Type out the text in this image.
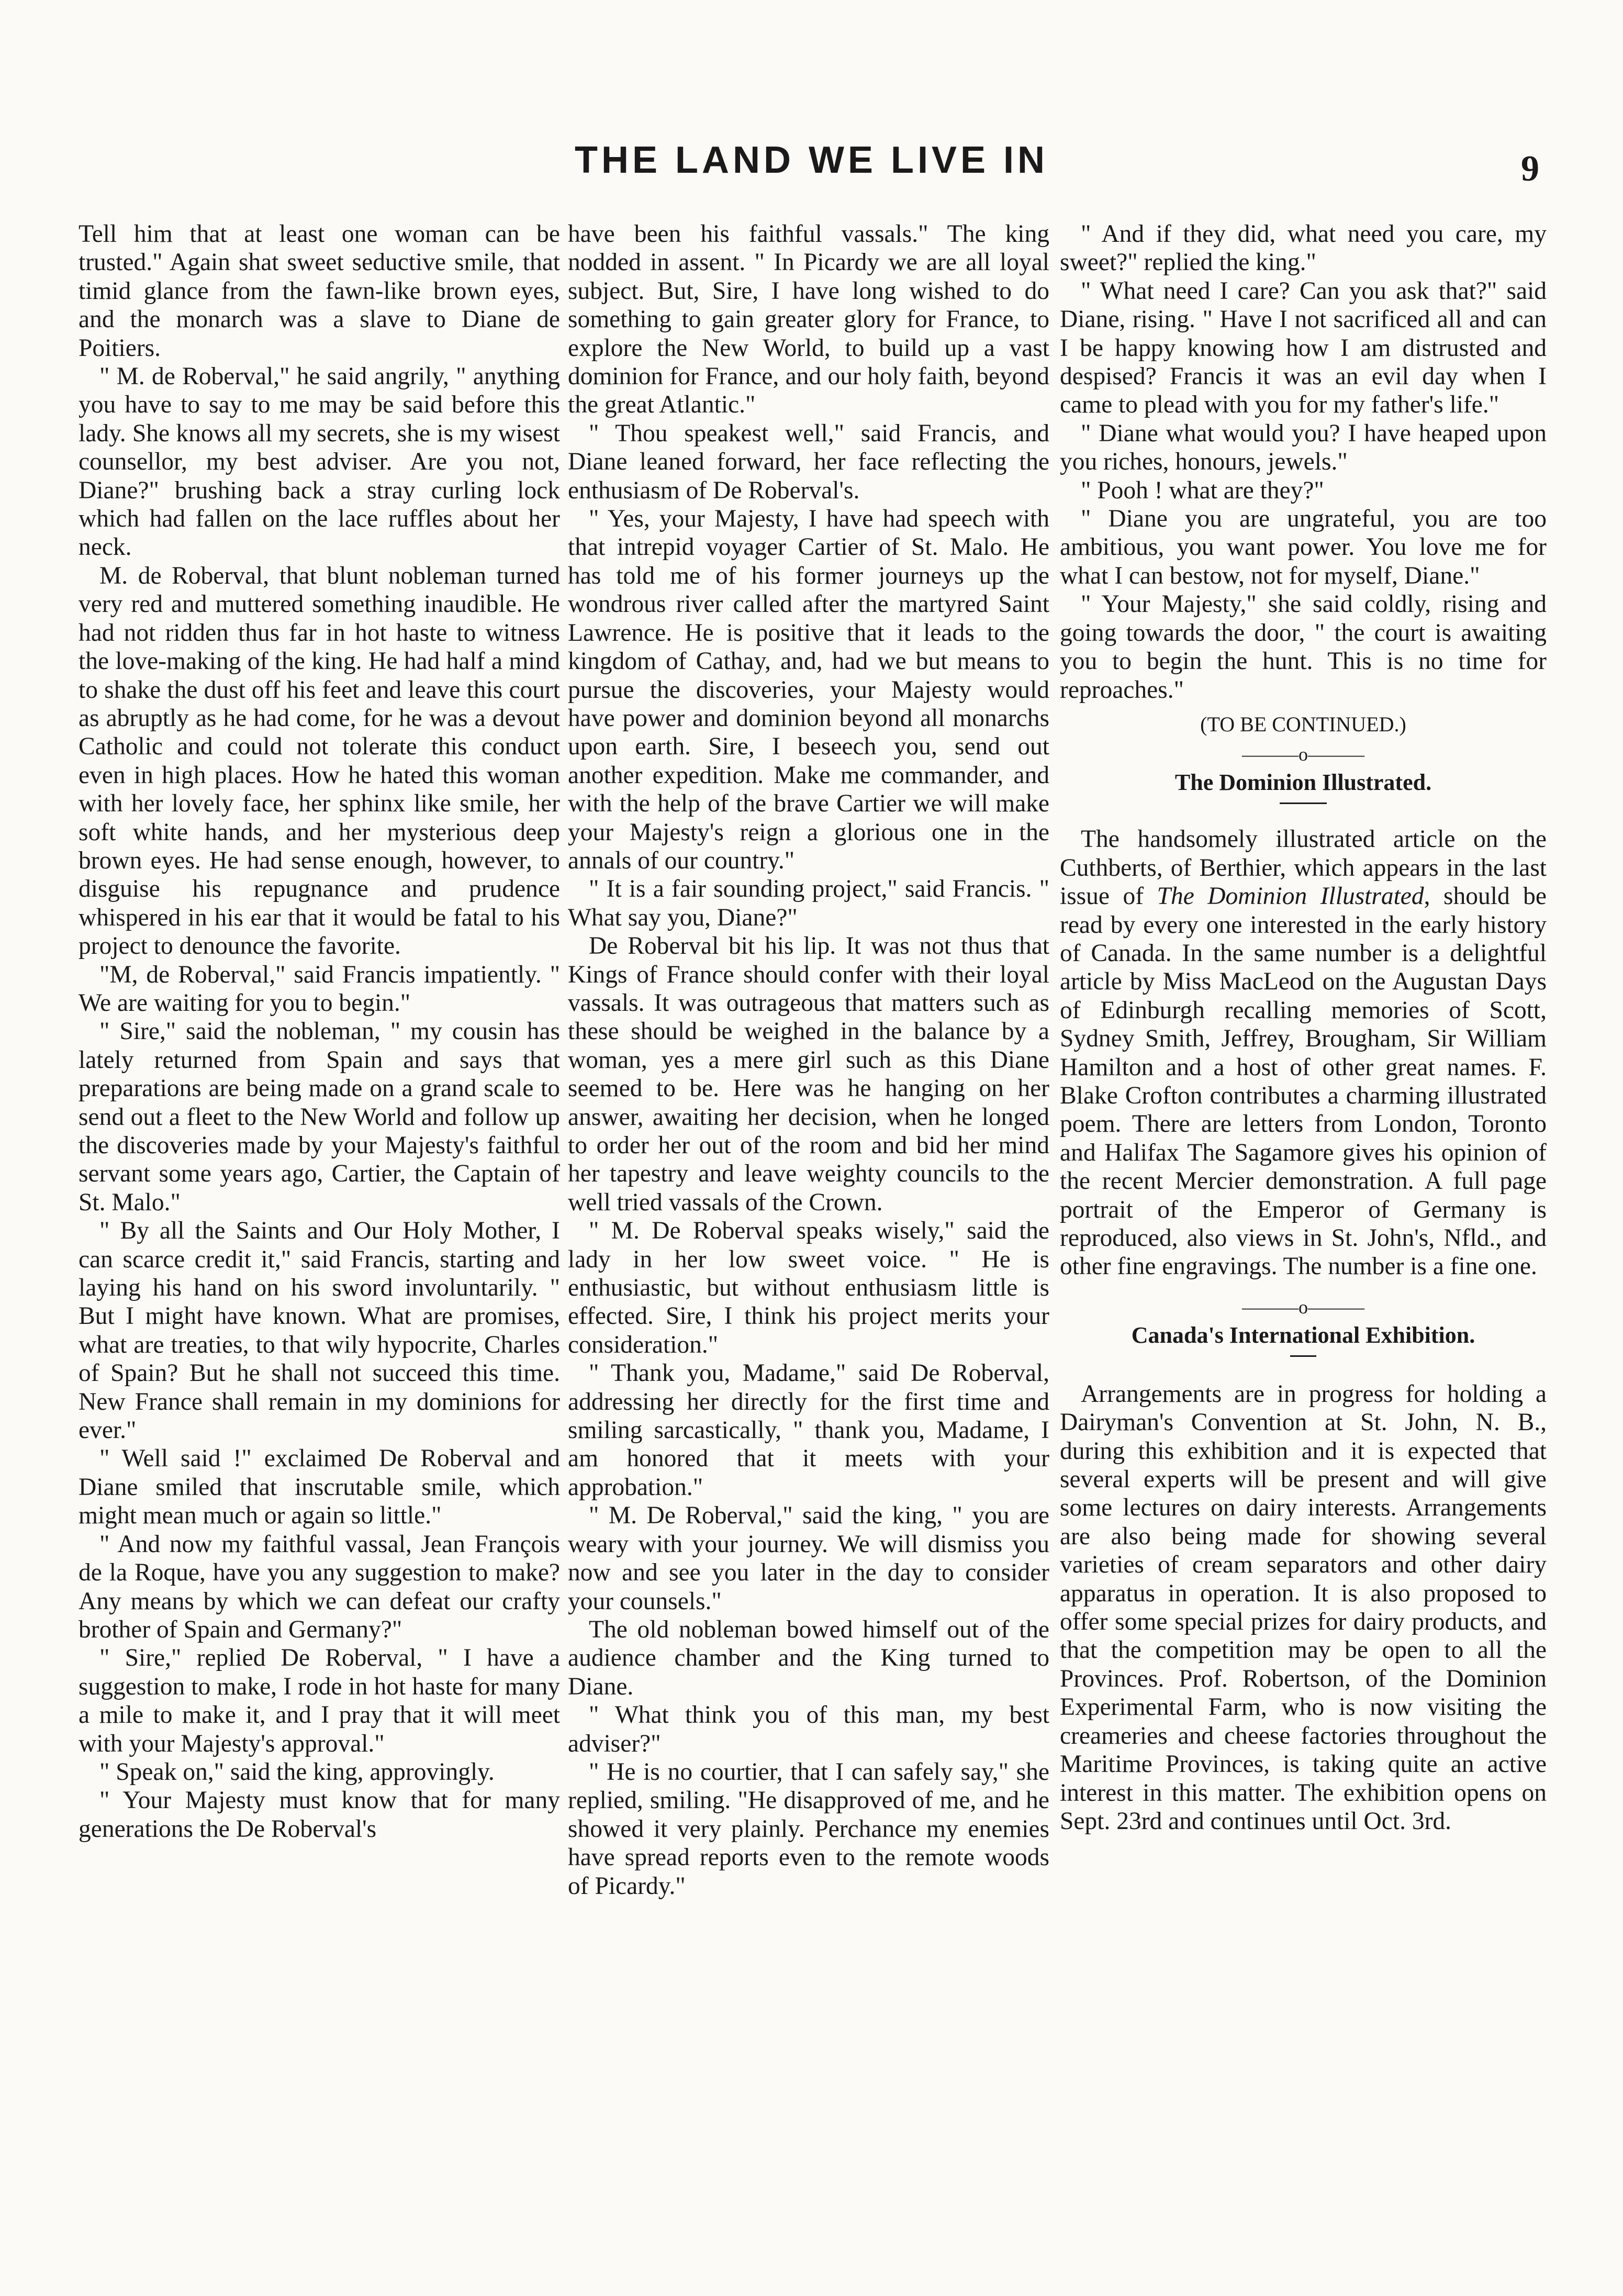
THE LAND WE LIVE IN	9

Tell him that at least one woman can be trusted." Again shat sweet seductive smile, that timid glance from the fawn-like brown eyes, and the monarch was a slave to Diane de Poitiers.

" M. de Roberval," he said angrily, " anything you have to say to me may be said before this lady. She knows all my secrets, she is my wisest counsellor, my best adviser. Are you not, Diane?" brushing back a stray curling lock which had fallen on the lace ruffles about her neck.

M. de Roberval, that blunt nobleman turned very red and muttered something inaudible. He had not ridden thus far in hot haste to witness the love-making of the king. He had half a mind to shake the dust off his feet and leave this court as abruptly as he had come, for he was a devout Catholic and could not tolerate this conduct even in high places. How he hated this woman with her lovely face, her sphinx like smile, her soft white hands, and her mysterious deep brown eyes. He had sense enough, however, to disguise his repugnance and prudence whispered in his ear that it would be fatal to his project to denounce the favorite.

"M, de Roberval," said Francis impatiently. " We are waiting for you to begin."

" Sire," said the nobleman, " my cousin has lately returned from Spain and says that preparations are being made on a grand scale to send out a fleet to the New World and follow up the discoveries made by your Majesty's faithful servant some years ago, Cartier, the Captain of St. Malo."

" By all the Saints and Our Holy Mother, I can scarce credit it," said Francis, starting and laying his hand on his sword involuntarily. " But I might have known. What are promises, what are treaties, to that wily hypocrite, Charles of Spain? But he shall not succeed this time. New France shall remain in my dominions for ever."

" Well said !" exclaimed De Roberval and Diane smiled that inscrutable smile, which might mean much or again so little."

" And now my faithful vassal, Jean François de la Roque, have you any suggestion to make? Any means by which we can defeat our crafty brother of Spain and Germany?"

" Sire," replied De Roberval, " I have a suggestion to make, I rode in hot haste for many a mile to make it, and I pray that it will meet with your Majesty's approval."

" Speak on," said the king, approvingly.

" Your Majesty must know that for many generations the De Roberval's

have been his faithful vassals." The king nodded in assent. " In Picardy we are all loyal subject. But, Sire, I have long wished to do something to gain greater glory for France, to explore the New World, to build up a vast dominion for France, and our holy faith, beyond the great Atlantic."

" Thou speakest well," said Francis, and Diane leaned forward, her face reflecting the enthusiasm of De Roberval's.

" Yes, your Majesty, I have had speech with that intrepid voyager Cartier of St. Malo. He has told me of his former journeys up the wondrous river called after the martyred Saint Lawrence. He is positive that it leads to the kingdom of Cathay, and, had we but means to pursue the discoveries, your Majesty would have power and dominion beyond all monarchs upon earth. Sire, I beseech you, send out another expedition. Make me commander, and with the help of the brave Cartier we will make your Majesty's reign a glorious one in the annals of our country."

" It is a fair sounding project," said Francis. " What say you, Diane?"

De Roberval bit his lip. It was not thus that Kings of France should confer with their loyal vassals. It was outrageous that matters such as these should be weighed in the balance by a woman, yes a mere girl such as this Diane seemed to be. Here was he hanging on her answer, awaiting her decision, when he longed to order her out of the room and bid her mind her tapestry and leave weighty councils to the well tried vassals of the Crown.

" M. De Roberval speaks wisely," said the lady in her low sweet voice. " He is enthusiastic, but without enthusiasm little is effected. Sire, I think his project merits your consideration."

" Thank you, Madame," said De Roberval, addressing her directly for the first time and smiling sarcastically, " thank you, Madame, I am honored that it meets with your approbation."

" M. De Roberval," said the king, " you are weary with your journey. We will dismiss you now and see you later in the day to consider your counsels."

The old nobleman bowed himself out of the audience chamber and the King turned to Diane.

" What think you of this man, my best adviser?"

" He is no courtier, that I can safely say," she replied, smiling. "He disapproved of me, and he showed it very plainly. Perchance my enemies have spread reports even to the remote woods of Picardy."

" And if they did, what need you care, my sweet?" replied the king."

" What need I care? Can you ask that?" said Diane, rising. " Have I not sacrificed all and can I be happy knowing how I am distrusted and despised? Francis it was an evil day when I came to plead with you for my father's life."

" Diane what would you? I have heaped upon you riches, honours, jewels."

" Pooh ! what are they?"

" Diane you are ungrateful, you are too ambitious, you want power. You love me for what I can bestow, not for myself, Diane."

" Your Majesty," she said coldly, rising and going towards the door, " the court is awaiting you to begin the hunt. This is no time for reproaches."

(TO BE CONTINUED.)
———o———
The Dominion Illustrated.

The handsomely illustrated article on the Cuthberts, of Berthier, which appears in the last issue of The Dominion Illustrated, should be read by every one interested in the early history of Canada. In the same number is a delightful article by Miss MacLeod on the Augustan Days of Edinburgh recalling memories of Scott, Sydney Smith, Jeffrey, Brougham, Sir William Hamilton and a host of other great names. F. Blake Crofton contributes a charming illustrated poem. There are letters from London, Toronto and Halifax The Sagamore gives his opinion of the recent Mercier demonstration. A full page portrait of the Emperor of Germany is reproduced, also views in St. John's, Nfld., and other fine engravings. The number is a fine one.

———o———
Canada's International Exhibition.

Arrangements are in progress for holding a Dairyman's Convention at St. John, N. B., during this exhibition and it is expected that several experts will be present and will give some lectures on dairy interests. Arrangements are also being made for showing several varieties of cream separators and other dairy apparatus in operation. It is also proposed to offer some special prizes for dairy products, and that the competition may be open to all the Provinces. Prof. Robertson, of the Dominion Experimental Farm, who is now visiting the creameries and cheese factories throughout the Maritime Provinces, is taking quite an active interest in this matter. The exhibition opens on Sept. 23rd and continues until Oct. 3rd.
